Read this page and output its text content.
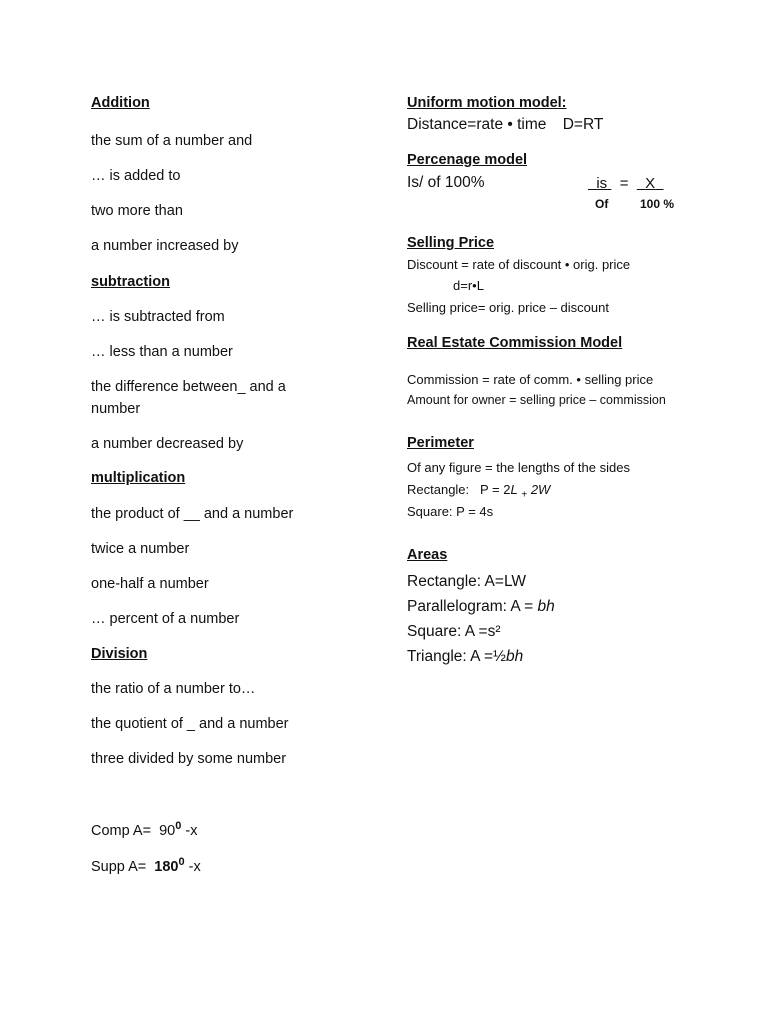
Addition
the sum of a number and
… is added to
two more than
a number increased by
subtraction
… is subtracted from
… less than a number
the difference between_ and a number
a number decreased by
multiplication
the product of __ and a number
twice a number
one-half a number
… percent of a number
Division
the ratio of a number to…
the quotient of _ and a number
three divided by some number
Comp $A= 90^0$ -x
Supp $A= 180^0$ -x
Uniform motion model:
Distance=rate • time D=RT
Percenage model
Is/ of 100%	is = X
Of	100 %
Selling Price
Discount = rate of discount • orig. price
d=r•L
Selling price= orig. price – discount
Real Estate Commission Model
Commission = rate of comm. • selling price
Amount for owner = selling price – commission
Perimeter
Of any figure = the lengths of the sides
Rectangle: P = 2L $_+$ 2W
Square: P = 4s
Areas
Rectangle: A=LW
Parallelogram: A = bh
Square: A =s²
Triangle: A =½bh
